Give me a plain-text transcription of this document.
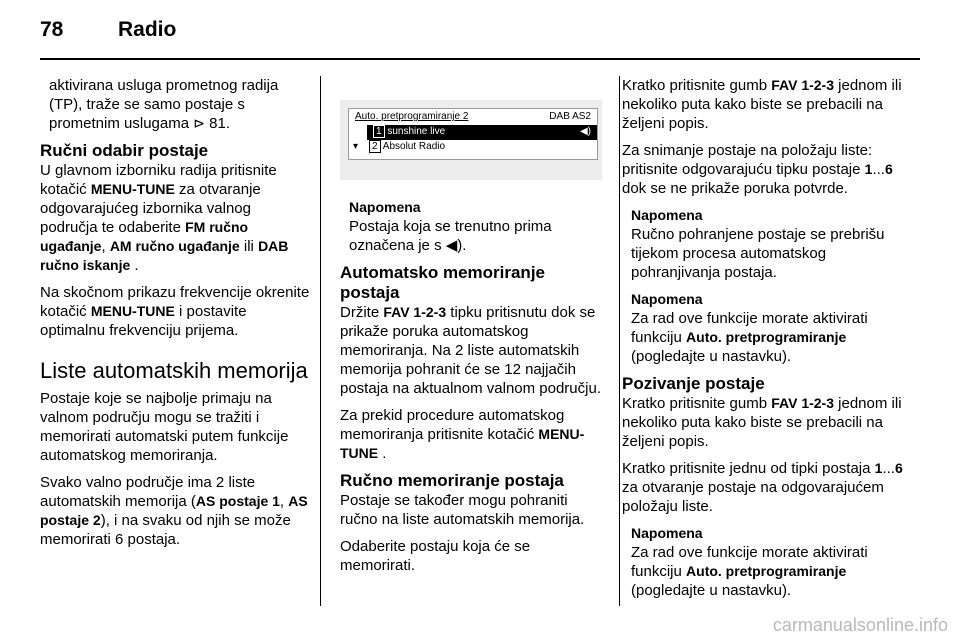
78	Radio

aktivirana usluga prometnog radija (TP), traže se samo postaje s prometnim uslugama ⊳ 81.

Ručni odabir postaje

U glavnom izborniku radija pritisnite kotačić MENU-TUNE za otvaranje odgovarajućeg izbornika valnog područja te odaberite FM ručno ugađanje, AM ručno ugađanje ili DAB ručno iskanje .

Na skočnom prikazu frekvencije okrenite kotačić MENU-TUNE i postavite optimalnu frekvenciju prijema.

Liste automatskih memorija

Postaje koje se najbolje primaju na valnom području mogu se tražiti i memorirati automatski putem funkcije automatskog memoriranja.

Svako valno područje ima 2 liste automatskih memorija (AS postaje 1, AS postaje 2), i na svaku od njih se može memorirati 6 postaja.

Auto. pretprogramiranje 2	DAB AS2
1 sunshine live	◀)
▾ 2 Absolut Radio
Napomena

Postaja koja se trenutno prima označena je s ◀).

Automatsko memoriranje postaja

Držite FAV 1-2-3 tipku pritisnutu dok se prikaže poruka automatskog memoriranja. Na 2 liste automatskih memorija pohranit će se 12 najjačih postaja na aktualnom valnom području.

Za prekid procedure automatskog memoriranja pritisnite kotačić MENU-TUNE .

Ručno memoriranje postaja

Postaje se također mogu pohraniti ručno na liste automatskih memorija.

Odaberite postaju koja će se memorirati.

Kratko pritisnite gumb FAV 1-2-3 jednom ili nekoliko puta kako biste se prebacili na željeni popis.

Za snimanje postaje na položaju liste: pritisnite odgovarajuću tipku postaje 1...6 dok se ne prikaže poruka potvrde.

Napomena

Ručno pohranjene postaje se prebrišu tijekom procesa automatskog pohranjivanja postaja.

Napomena

Za rad ove funkcije morate aktivirati funkciju Auto. pretprogramiranje (pogledajte u nastavku).

Pozivanje postaje

Kratko pritisnite gumb FAV 1-2-3 jednom ili nekoliko puta kako biste se prebacili na željeni popis.

Kratko pritisnite jednu od tipki postaja 1...6 za otvaranje postaje na odgovarajućem položaju liste.

Napomena

Za rad ove funkcije morate aktivirati funkciju Auto. pretprogramiranje (pogledajte u nastavku).

carmanualsonline.info
